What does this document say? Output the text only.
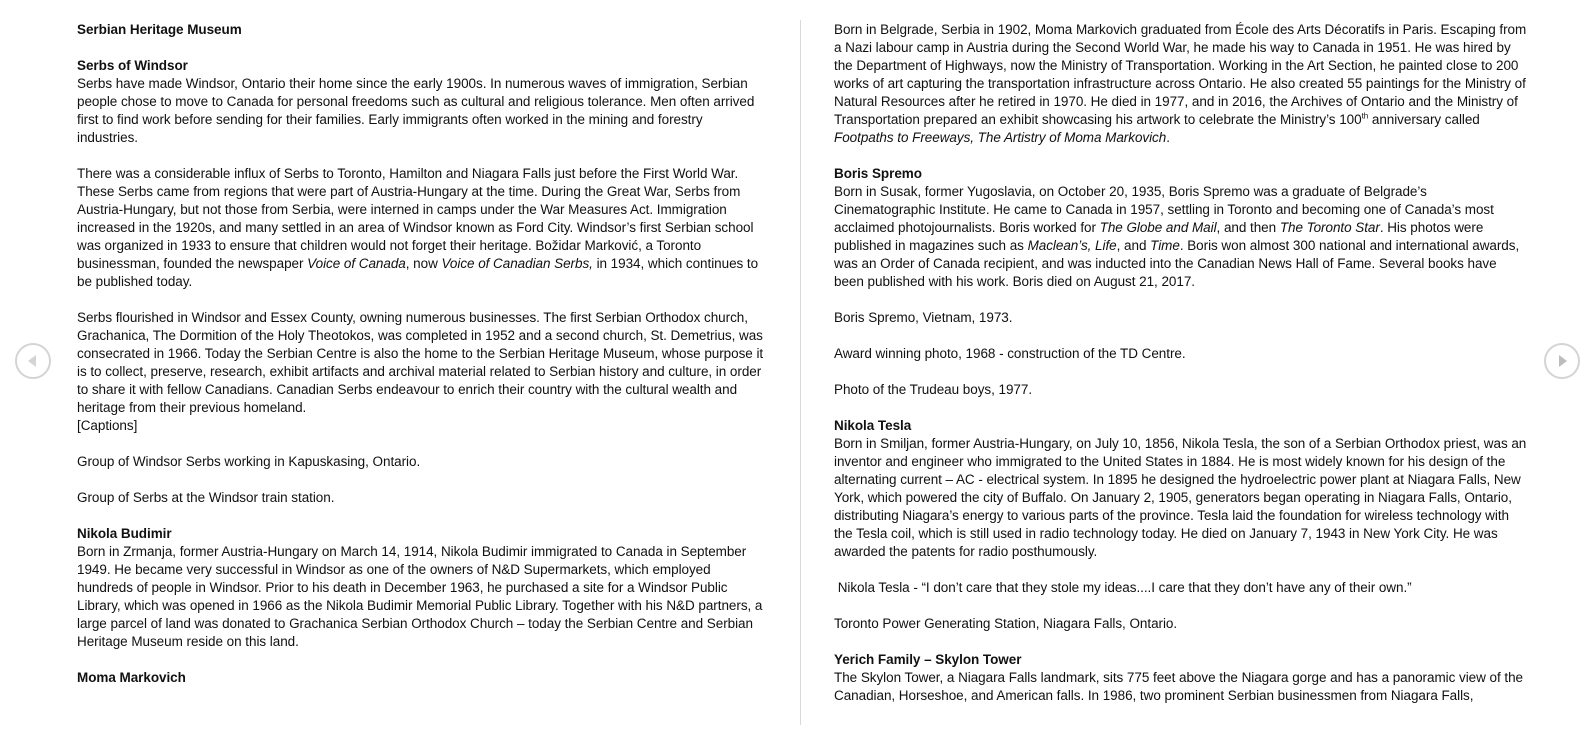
Serbian Heritage Museum
Serbs of Windsor
Serbs have made Windsor, Ontario their home since the early 1900s. In numerous waves of immigration, Serbian people chose to move to Canada for personal freedoms such as cultural and religious tolerance. Men often arrived first to find work before sending for their families. Early immigrants often worked in the mining and forestry industries.
There was a considerable influx of Serbs to Toronto, Hamilton and Niagara Falls just before the First World War. These Serbs came from regions that were part of Austria-Hungary at the time. During the Great War, Serbs from Austria-Hungary, but not those from Serbia, were interned in camps under the War Measures Act. Immigration increased in the 1920s, and many settled in an area of Windsor known as Ford City. Windsor’s first Serbian school was organized in 1933 to ensure that children would not forget their heritage. Božidar Marković, a Toronto businessman, founded the newspaper Voice of Canada, now Voice of Canadian Serbs, in 1934, which continues to be published today.
Serbs flourished in Windsor and Essex County, owning numerous businesses. The first Serbian Orthodox church, Grachanica, The Dormition of the Holy Theotokos, was completed in 1952 and a second church, St. Demetrius, was consecrated in 1966. Today the Serbian Centre is also the home to the Serbian Heritage Museum, whose purpose it is to collect, preserve, research, exhibit artifacts and archival material related to Serbian history and culture, in order to share it with fellow Canadians. Canadian Serbs endeavour to enrich their country with the cultural wealth and heritage from their previous homeland.
[Captions]
Group of Windsor Serbs working in Kapuskasing, Ontario.
Group of Serbs at the Windsor train station.
Nikola Budimir
Born in Zrmanja, former Austria-Hungary on March 14, 1914, Nikola Budimir immigrated to Canada in September 1949. He became very successful in Windsor as one of the owners of N&D Supermarkets, which employed hundreds of people in Windsor. Prior to his death in December 1963, he purchased a site for a Windsor Public Library, which was opened in 1966 as the Nikola Budimir Memorial Public Library. Together with his N&D partners, a large parcel of land was donated to Grachanica Serbian Orthodox Church – today the Serbian Centre and Serbian Heritage Museum reside on this land.
Moma Markovich
Born in Belgrade, Serbia in 1902, Moma Markovich graduated from École des Arts Décoratifs in Paris. Escaping from a Nazi labour camp in Austria during the Second World War, he made his way to Canada in 1951. He was hired by the Department of Highways, now the Ministry of Transportation. Working in the Art Section, he painted close to 200 works of art capturing the transportation infrastructure across Ontario. He also created 55 paintings for the Ministry of Natural Resources after he retired in 1970. He died in 1977, and in 2016, the Archives of Ontario and the Ministry of Transportation prepared an exhibit showcasing his artwork to celebrate the Ministry’s 100th anniversary called Footpaths to Freeways, The Artistry of Moma Markovich.
Boris Spremo
Born in Susak, former Yugoslavia, on October 20, 1935, Boris Spremo was a graduate of Belgrade’s Cinematographic Institute. He came to Canada in 1957, settling in Toronto and becoming one of Canada’s most acclaimed photojournalists. Boris worked for The Globe and Mail, and then The Toronto Star. His photos were published in magazines such as Maclean’s, Life, and Time. Boris won almost 300 national and international awards, was an Order of Canada recipient, and was inducted into the Canadian News Hall of Fame. Several books have been published with his work. Boris died on August 21, 2017.
Boris Spremo, Vietnam, 1973.
Award winning photo, 1968 - construction of the TD Centre.
Photo of the Trudeau boys, 1977.
Nikola Tesla
Born in Smiljan, former Austria-Hungary, on July 10, 1856, Nikola Tesla, the son of a Serbian Orthodox priest, was an inventor and engineer who immigrated to the United States in 1884. He is most widely known for his design of the alternating current – AC - electrical system. In 1895 he designed the hydroelectric power plant at Niagara Falls, New York, which powered the city of Buffalo. On January 2, 1905, generators began operating in Niagara Falls, Ontario, distributing Niagara’s energy to various parts of the province. Tesla laid the foundation for wireless technology with the Tesla coil, which is still used in radio technology today. He died on January 7, 1943 in New York City. He was awarded the patents for radio posthumously.
Nikola Tesla - “I don’t care that they stole my ideas....I care that they don’t have any of their own.”
Toronto Power Generating Station, Niagara Falls, Ontario.
Yerich Family – Skylon Tower
The Skylon Tower, a Niagara Falls landmark, sits 775 feet above the Niagara gorge and has a panoramic view of the Canadian, Horseshoe, and American falls. In 1986, two prominent Serbian businessmen from Niagara Falls,
